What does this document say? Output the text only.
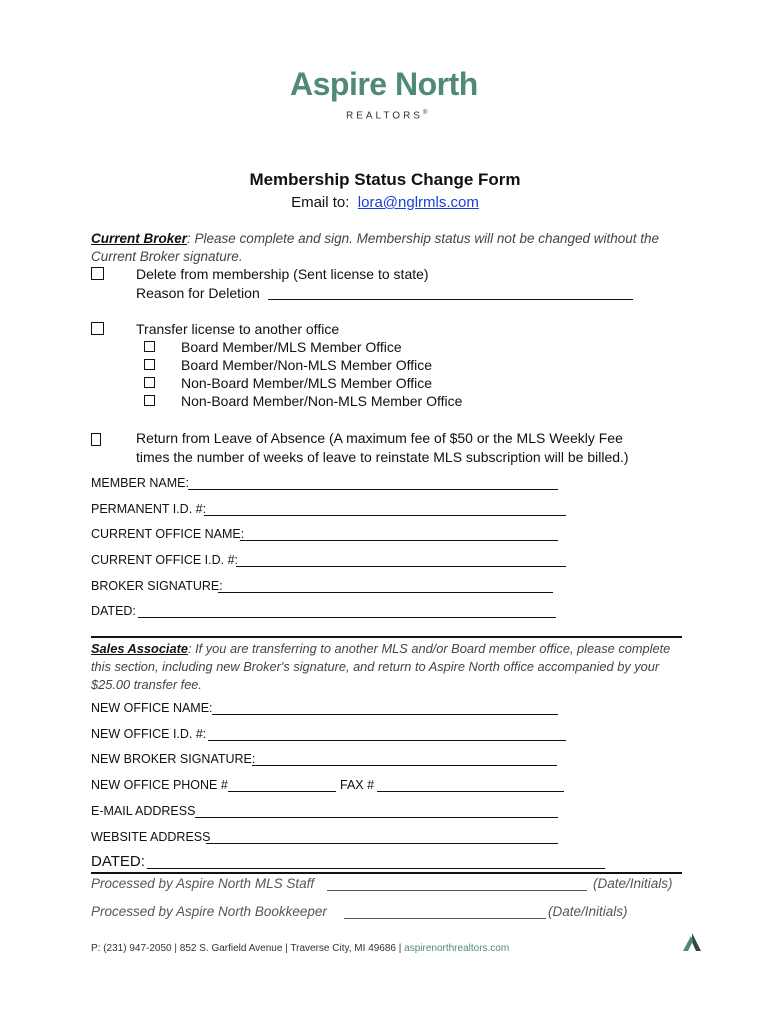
Aspire North
REALTORS®
Membership Status Change Form
Email to: lora@nglrmls.com
Current Broker: Please complete and sign. Membership status will not be changed without the Current Broker signature.
Delete from membership (Sent license to state)
Reason for Deletion
Transfer license to another office
Board Member/MLS Member Office
Board Member/Non-MLS Member Office
Non-Board Member/MLS Member Office
Non-Board Member/Non-MLS Member Office
Return from Leave of Absence (A maximum fee of $50 or the MLS Weekly Fee
times the number of weeks of leave to reinstate MLS subscription will be billed.)
MEMBER NAME:
PERMANENT I.D. #:
CURRENT OFFICE NAME:
CURRENT OFFICE I.D. #:
BROKER SIGNATURE:
DATED:
Sales Associate: If you are transferring to another MLS and/or Board member office, please complete this section, including new Broker's signature, and return to Aspire North office accompanied by your $25.00 transfer fee.
NEW OFFICE NAME:
NEW OFFICE I.D. #:
NEW BROKER SIGNATURE:
NEW OFFICE PHONE #	FAX #
E-MAIL ADDRESS
WEBSITE ADDRESS
DATED:
Processed by Aspire North MLS Staff	(Date/Initials)
Processed by Aspire North Bookkeeper	(Date/Initials)
P: (231) 947-2050 | 852 S. Garfield Avenue | Traverse City, MI 49686 | aspirenorthrealtors.com
